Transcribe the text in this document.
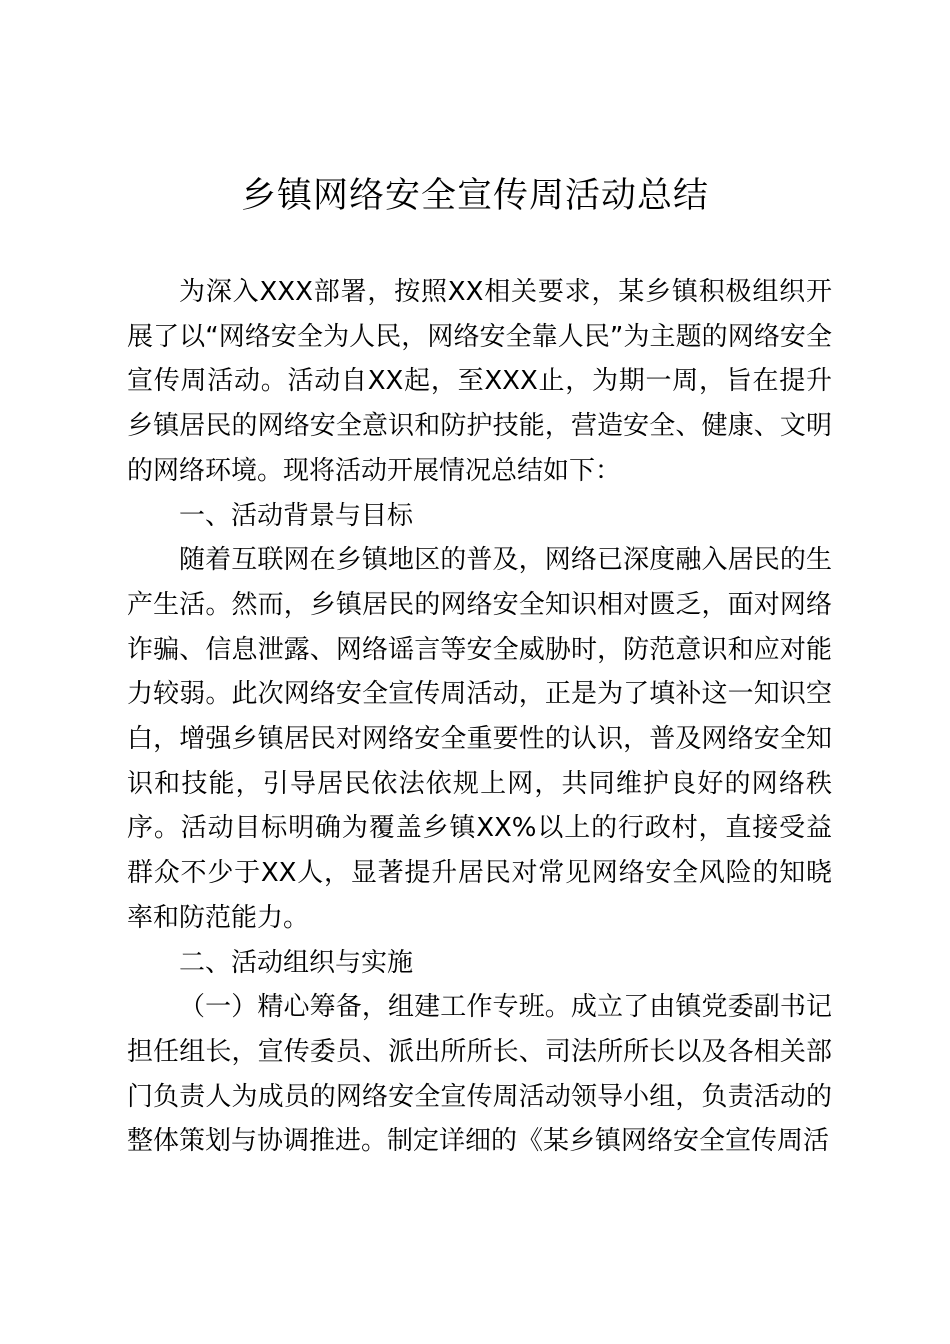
乡镇网络安全宣传周活动总结

为深入XXX部署，按照XX相关要求，某乡镇积极组织开展了以“网络安全为人民，网络安全靠人民”为主题的网络安全宣传周活动。活动自XX起，至XXX止，为期一周，旨在提升乡镇居民的网络安全意识和防护技能，营造安全、健康、文明的网络环境。现将活动开展情况总结如下：

一、活动背景与目标

随着互联网在乡镇地区的普及，网络已深度融入居民的生产生活。然而，乡镇居民的网络安全知识相对匮乏，面对网络诈骗、信息泄露、网络谣言等安全威胁时，防范意识和应对能力较弱。此次网络安全宣传周活动，正是为了填补这一知识空白，增强乡镇居民对网络安全重要性的认识，普及网络安全知识和技能，引导居民依法依规上网，共同维护良好的网络秩序。活动目标明确为覆盖乡镇XX%以上的行政村，直接受益群众不少于XX人，显著提升居民对常见网络安全风险的知晓率和防范能力。

二、活动组织与实施

（一）精心筹备，组建工作专班。成立了由镇党委副书记担任组长，宣传委员、派出所所长、司法所所长以及各相关部门负责人为成员的网络安全宣传周活动领导小组，负责活动的整体策划与协调推进。制定详细的《某乡镇网络安全宣传周活
